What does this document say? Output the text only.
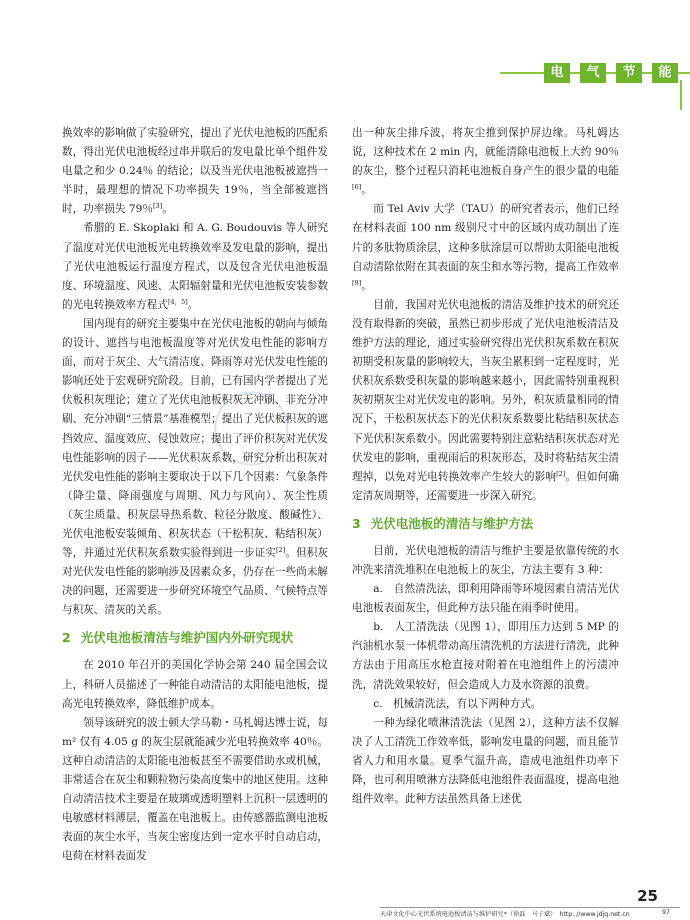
电	气	节	能

换效率的影响做了实验研究，提出了光伏电池板的匹配系数，得出光伏电池板经过串并联后的发电量比单个组件发电量之和少 0.24％ 的结论；以及当光伏电池板被遮挡一半时，最理想的情况下功率损失 19％，当全部被遮挡时，功率损失 79％[3]。

希腊的 E. Skoplaki 和 A. G. Boudouvis 等人研究了温度对光伏电池板光电转换效率及发电量的影响，提出了光伏电池板运行温度方程式，以及包含光伏电池板温度、环境温度、风速、太阳辐射量和光伏电池板安装参数的光电转换效率方程式[4，5]。

国内现有的研究主要集中在光伏电池板的朝向与倾角的设计、遮挡与电池板温度等对光伏发电性能的影响方面，而对于灰尘、大气清洁度、降雨等对光伏发电性能的影响还处于宏观研究阶段。目前，已有国内学者提出了光伏板积灰理论；建立了光伏电池板积灰无冲刷、非充分冲刷、充分冲刷“三情景”基准模型；提出了光伏板积灰的遮挡效应、温度效应、侵蚀效应；提出了评价积灰对光伏发电性能影响的因子——光伏积灰系数，研究分析出积灰对光伏发电性能的影响主要取决于以下几个因素：气象条件（降尘量、降雨强度与周期、风力与风向）、灰尘性质（灰尘质量、积灰层导热系数、粒径分散度、酸碱性）、光伏电池板安装倾角、积灰状态（干松积灰、粘结积灰）等，并通过光伏积灰系数实验得到进一步证实[2]。但积灰对光伏发电性能的影响涉及因素众多，仍存在一些尚未解决的问题，还需要进一步研究环境空气品质、气候特点等与积灰、清灰的关系。

2 光伏电池板清洁与维护国内外研究现状

在 2010 年召开的美国化学协会第 240 届全国会议上，科研人员描述了一种能自动清洁的太阳能电池板，提高光电转换效率，降低维护成本。

领导该研究的波士顿大学马勒・马札姆达博士说，每 m² 仅有 4.05 g 的灰尘层就能减少光电转换效率 40％。这种自动清洁的太阳能电池板甚至不需要借助水或机械，非常适合在灰尘和颗粒物污染高度集中的地区使用。这种自动清洁技术主要是在玻璃或透明塑料上沉积一层透明的电敏感材料薄层，覆盖在电池板上。由传感器监测电池板表面的灰尘水平，当灰尘密度达到一定水平时自动启动，电荷在材料表面发

出一种灰尘排斥波，将灰尘推到保护屏边缘。马札姆达说，这种技术在 2 min 内，就能清除电池板上大约 90％ 的灰尘，整个过程只消耗电池板自身产生的很少量的电能[6]。

而 Tel Aviv 大学（TAU）的研究者表示，他们已经在材料表面 100 nm 级别尺寸中的区域内成功制出了连片的多肽物质涂层，这种多肽涂层可以帮助太阳能电池板自动清除依附在其表面的灰尘和水等污物，提高工作效率[9]。

目前，我国对光伏电池板的清洁及维护技术的研究还没有取得新的突破，虽然已初步形成了光伏电池板清洁及维护方法的理论，通过实验研究得出光伏积灰系数在积灰初期受积灰量的影响较大，当灰尘累积到一定程度时，光伏积灰系数受积灰量的影响越来越小，因此需特别重视积灰初期灰尘对光伏发电的影响。另外，积灰质量相同的情况下，干松积灰状态下的光伏积灰系数要比粘结积灰状态下光伏积灰系数小。因此需要特别注意粘结积灰状态对光伏发电的影响，重视雨后的积灰形态，及时将粘结灰尘清理掉，以免对光电转换效率产生较大的影响[2]。但如何确定清灰周期等，还需要进一步深入研究。

3 光伏电池板的清洁与维护方法

目前，光伏电池板的清洁与维护主要是依靠传统的水冲洗来清洗堆积在电池板上的灰尘，方法主要有 3 种：

a.　自然清洗法，即利用降雨等环境因素自清洁光伏电池板表面灰尘，但此种方法只能在雨季时使用。

b.　人工清洗法（见图 1），即用压力达到 5 MP 的汽油机水泵一体机带动高压清洗机的方法进行清洗，此种方法由于用高压水枪直接对附着在电池组件上的污渍冲洗，清洗效果较好，但会造成人力及水资源的浪费。

c.　机械清洗法，有以下两种方式。

一种为绿化喷淋清洗法（见图 2），这种方法不仅解决了人工清洗工作效率低，影响发电量的问题，而且能节省人力和用水量。夏季气温升高，造成电池组件功率下降，也可利用喷淋方法降低电池组件表面温度，提高电池组件效率。此种方法虽然具备上述优

25
天津文化中心光伏系统电池板清洁与维护研究*（徐磊　马子斌）　 http: //www.jdjq.net.cn	97
